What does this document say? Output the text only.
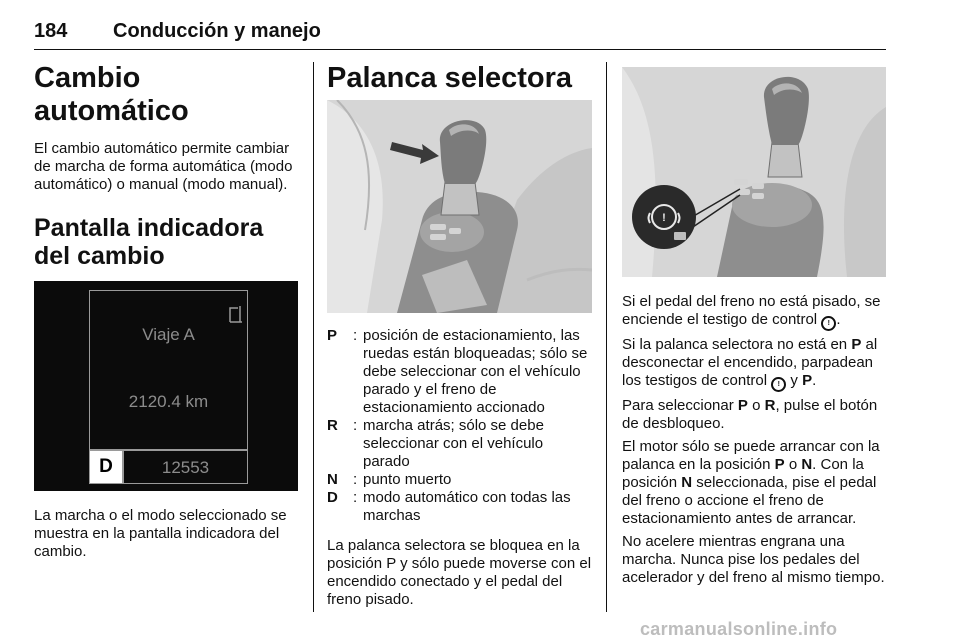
184 Conducción y manejo
Cambio automático

El cambio automático permite cambiar de marcha de forma automática (modo automático) o manual (modo manual).

Pantalla indicadora del cambio
Viaje A
2120.4 km
D	12553

La marcha o el modo seleccionado se muestra en la pantalla indicadora del cambio.

Palanca selectora
P	: posición de estacionamiento, las ruedas están bloqueadas; sólo se debe seleccionar con el vehículo parado y el freno de estacionamiento accionado
R	: marcha atrás; sólo se debe seleccionar con el vehículo parado
N	: punto muerto
D	: modo automático con todas las marchas

La palanca selectora se bloquea en la posición P y sólo puede moverse con el encendido conectado y el pedal del freno pisado.

!

Si el pedal del freno no está pisado, se enciende el testigo de control ! .

Si la palanca selectora no está en P al desconectar el encendido, parpadean los testigos de control ! y P.

Para seleccionar P o R, pulse el botón de desbloqueo.

El motor sólo se puede arrancar con la palanca en la posición P o N. Con la posición N seleccionada, pise el pedal del freno o accione el freno de estacionamiento antes de arrancar.

No acelere mientras engrana una marcha. Nunca pise los pedales del acelerador y del freno al mismo tiempo.

carmanualsonline.info
